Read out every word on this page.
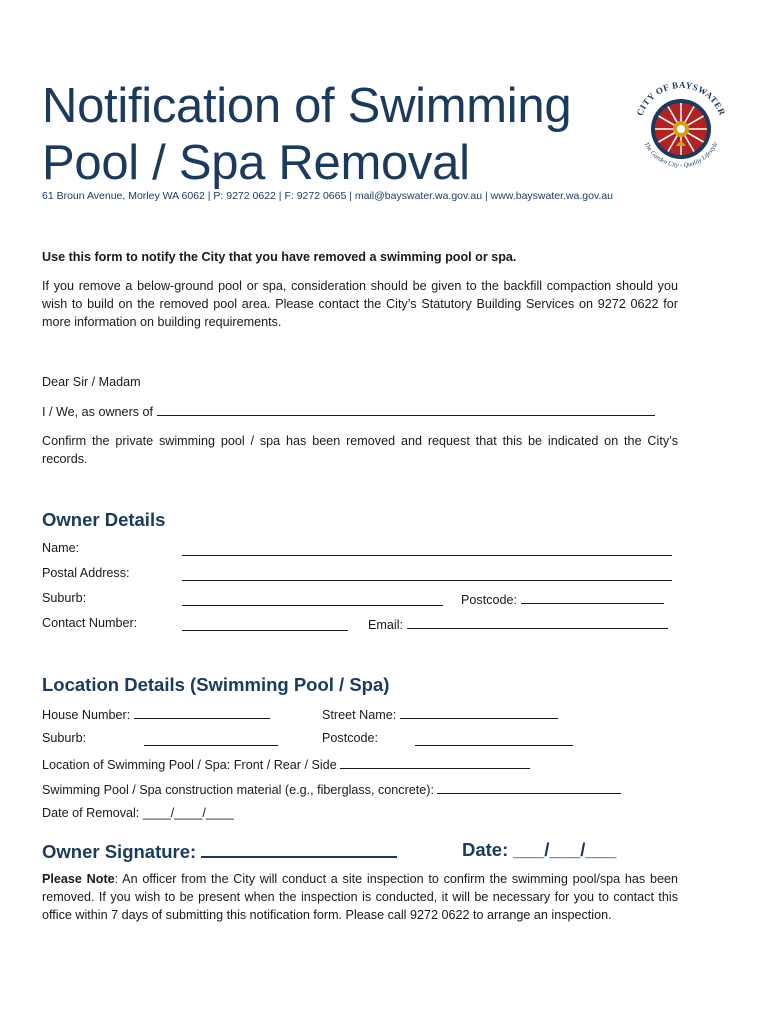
Notification of Swimming
Pool / Spa Removal
CITY OF BAYSWATER
The Garden City - Quality Lifestyle
61 Broun Avenue, Morley WA 6062 | P: 9272 0622 | F: 9272 0665 | mail@bayswater.wa.gov.au | www.bayswater.wa.gov.au

Use this form to notify the City that you have removed a swimming pool or spa.

If you remove a below-ground pool or spa, consideration should be given to the backfill compaction should you wish to build on the removed pool area. Please contact the City’s Statutory Building Services on 9272 0622 for more information on building requirements.

Dear Sir / Madam

I / We, as owners of

Confirm the private swimming pool / spa has been removed and request that this be indicated on the City’s records.

Owner Details
Name:
Postal Address:
Suburb:	Postcode:
Contact Number:	Email:
Location Details (Swimming Pool / Spa)
House Number:	Street Name:
Suburb:	Postcode:
Location of Swimming Pool / Spa: Front / Rear / Side
Swimming Pool / Spa construction material (e.g., fiberglass, concrete):
Date of Removal: ____/____/____
Owner Signature:	Date: ___/___/___

Please Note: An officer from the City will conduct a site inspection to confirm the swimming pool/spa has been removed. If you wish to be present when the inspection is conducted, it will be necessary for you to contact this office within 7 days of submitting this notification form. Please call 9272 0622 to arrange an inspection.
